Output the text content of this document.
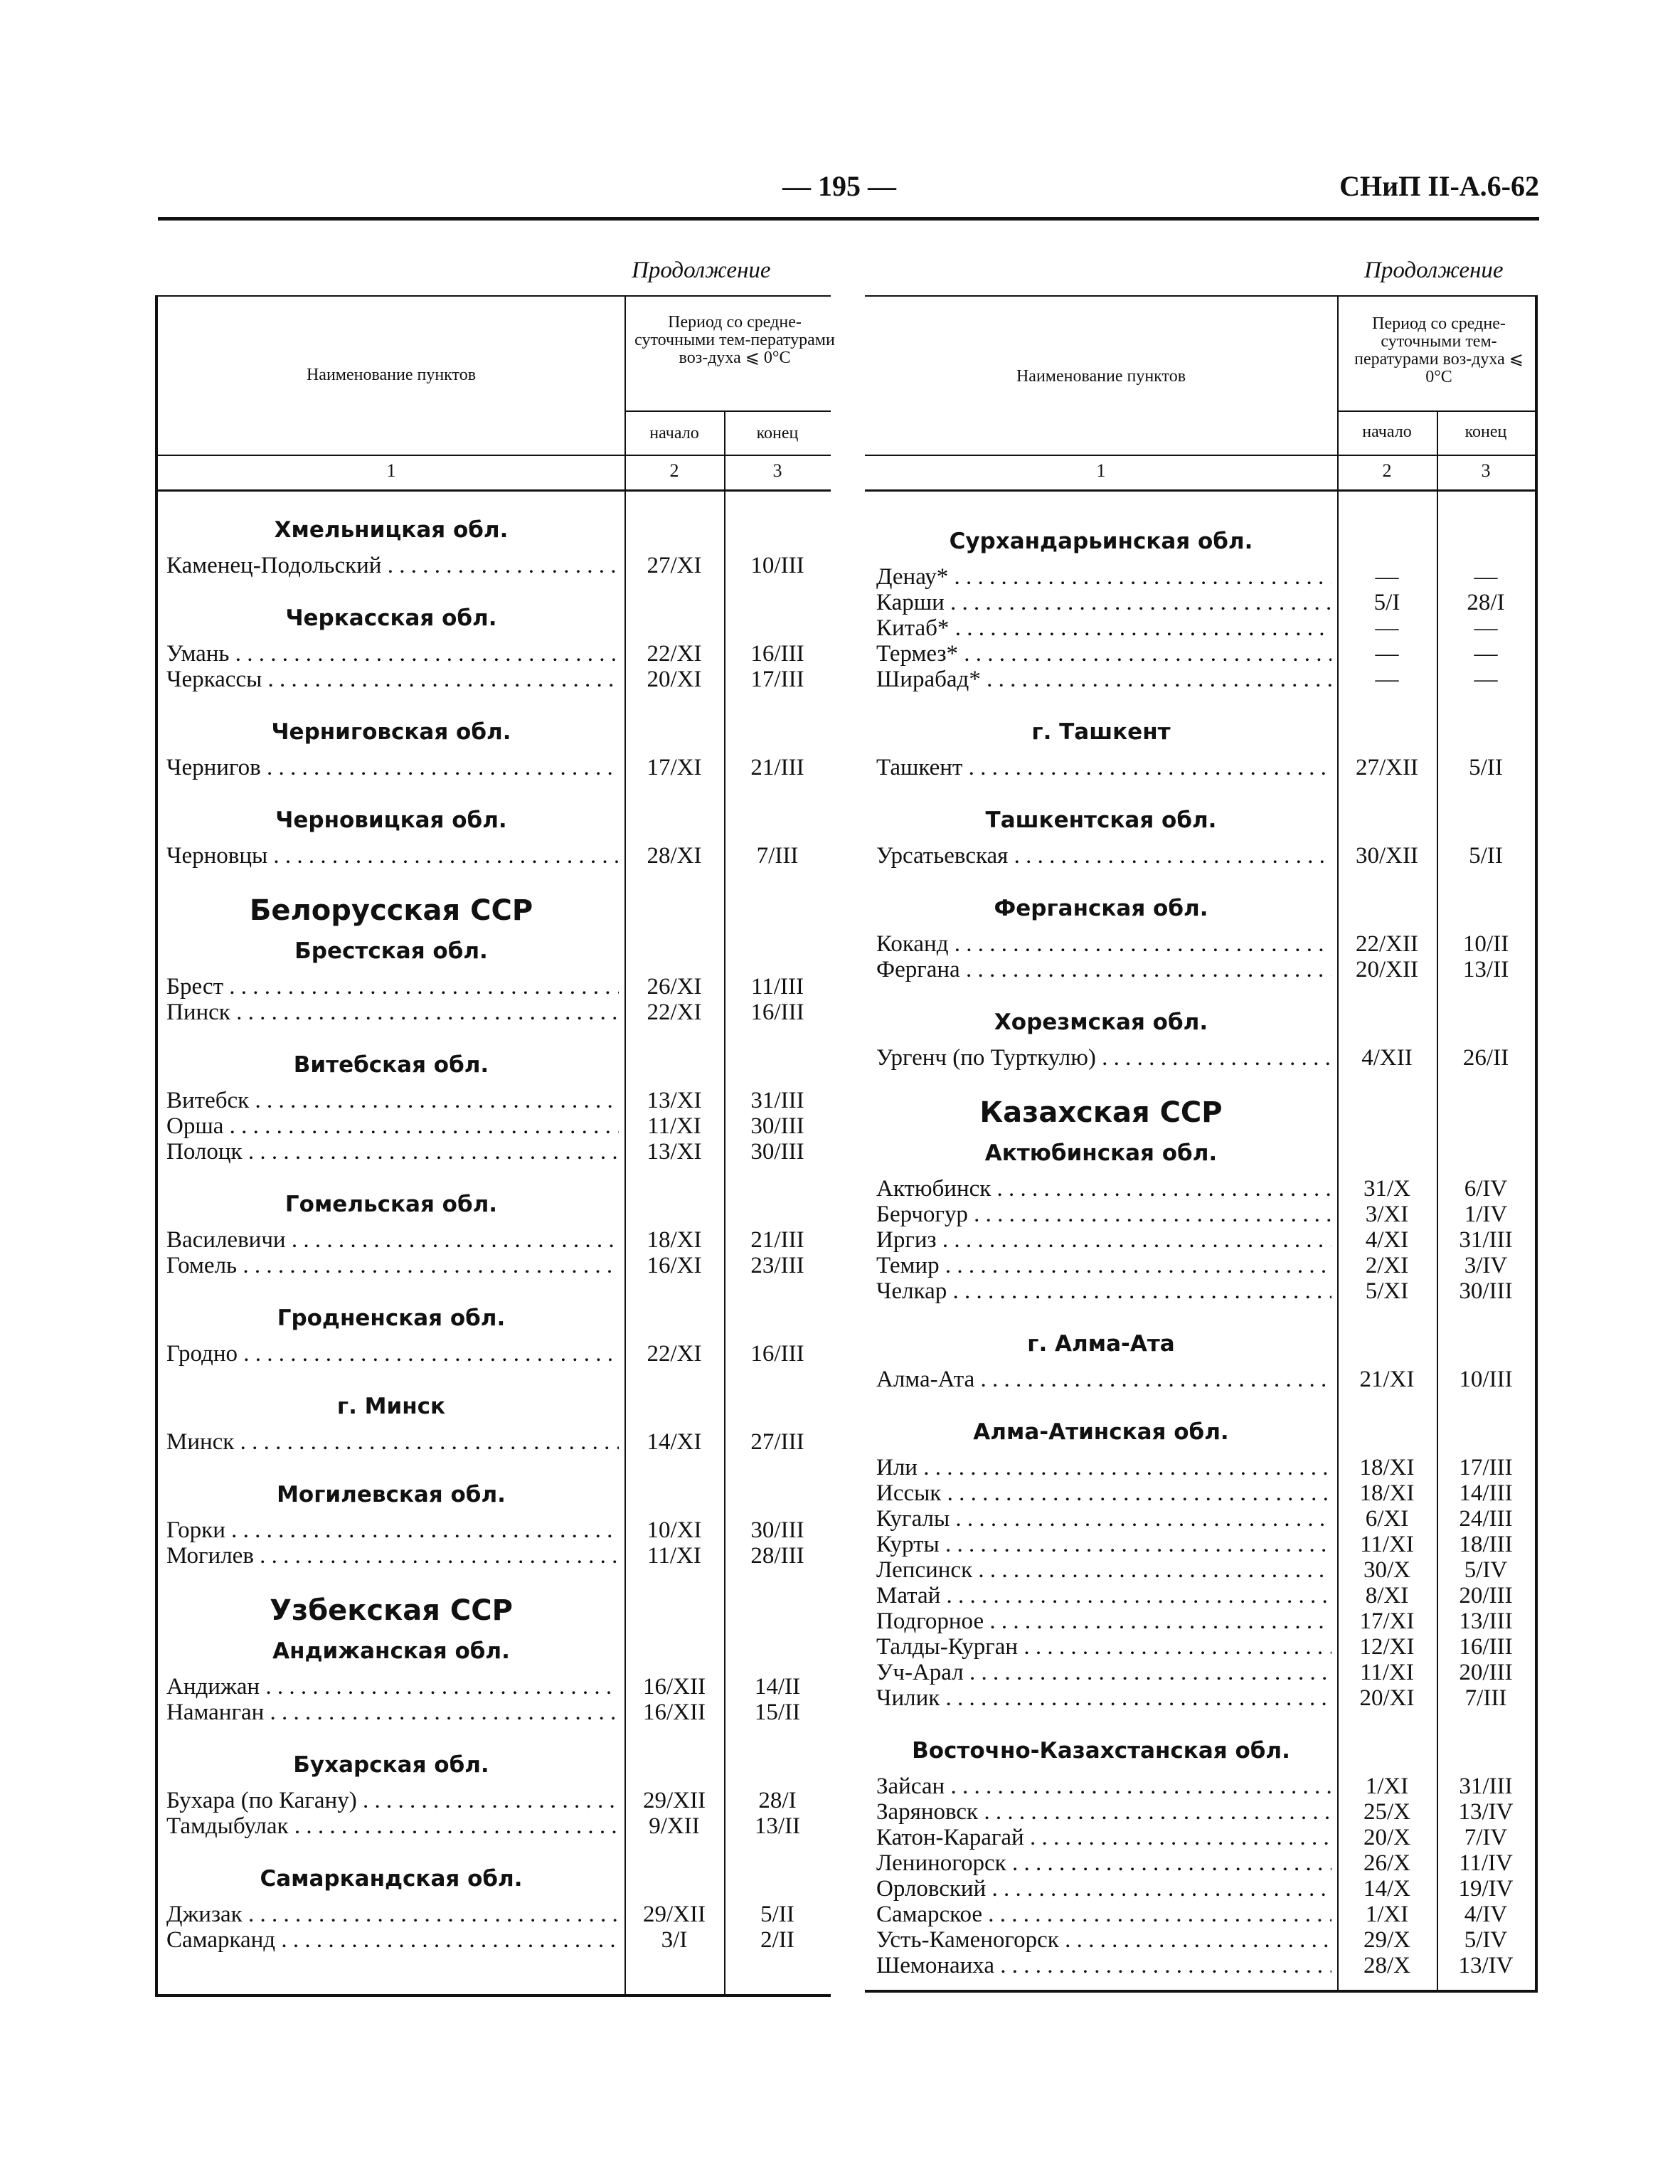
— 195 —	СНиП II-А.6-62
Продолжение	Продолжение
Наименование пунктов
Период со средне-суточными тем-пературами воз-духа ⩽ 0°С
начало	конец
1	2	3
Хмельницкая обл.
Каменец-Подольский . . .	27/XI	10/III
Черкасская обл.
Умань . . .	22/XI	16/III
Черкассы . . .	20/XI	17/III
Черниговская обл.
Чернигов . . .	17/XI	21/III
Черновицкая обл.
Черновцы . . .	28/XI	7/III
Белорусская ССР
Брестская обл.
Брест . . .	26/XI	11/III
Пинск . . .	22/XI	16/III
Витебская обл.
Витебск . . .	13/XI	31/III
Орша . . .	11/XI	30/III
Полоцк . . .	13/XI	30/III
Гомельская обл.
Василевичи . . .	18/XI	21/III
Гомель . . .	16/XI	23/III
Гродненская обл.
Гродно . . .	22/XI	16/III
г. Минск
Минск . . .	14/XI	27/III
Могилевская обл.
Горки . . .	10/XI	30/III
Могилев . . .	11/XI	28/III
Узбекская ССР
Андижанская обл.
Андижан . . .	16/XII	14/II
Наманган . . .	16/XII	15/II
Бухарская обл.
Бухара (по Кагану) . . .	29/XII	28/I
Тамдыбулак . . .	9/XII	13/II
Самаркандская обл.
Джизак . . .	29/XII	5/II
Самарканд . . .	3/I	2/II
Наименование пунктов
Период со средне-суточными тем-пературами воз-духа ⩽ 0°С
начало	конец
1	2	3
Сурхандарьинская обл.
Денау* . . .	—	—
Карши . . .	5/I	28/I
Китаб* . . .	—	—
Термез* . . .	—	—
Ширабад* . . .	—	—
г. Ташкент
Ташкент . . .	27/XII	5/II
Ташкентская обл.
Урсатьевская . . .	30/XII	5/II
Ферганская обл.
Коканд . . .	22/XII	10/II
Фергана . . .	20/XII	13/II
Хорезмская обл.
Ургенч (по Турткулю) . . .	4/XII	26/II
Казахская ССР
Актюбинская обл.
Актюбинск . . .	31/X	6/IV
Берчогур . . .	3/XI	1/IV
Иргиз . . .	4/XI	31/III
Темир . . .	2/XI	3/IV
Челкар . . .	5/XI	30/III
г. Алма-Ата
Алма-Ата . . .	21/XI	10/III
Алма-Атинская обл.
Или . . .	18/XI	17/III
Иссык . . .	18/XI	14/III
Кугалы . . .	6/XI	24/III
Курты . . .	11/XI	18/III
Лепсинск . . .	30/X	5/IV
Матай . . .	8/XI	20/III
Подгорное . . .	17/XI	13/III
Талды-Курган . . .	12/XI	16/III
Уч-Арал . . .	11/XI	20/III
Чилик . . .	20/XI	7/III
Восточно-Казахстанская обл.
Зайсан . . .	1/XI	31/III
Заряновск . . .	25/X	13/IV
Катон-Карагай . . .	20/X	7/IV
Лениногорск . . .	26/X	11/IV
Орловский . . .	14/X	19/IV
Самарское . . .	1/XI	4/IV
Усть-Каменогорск . . .	29/X	5/IV
Шемонаиха . . .	28/X	13/IV
